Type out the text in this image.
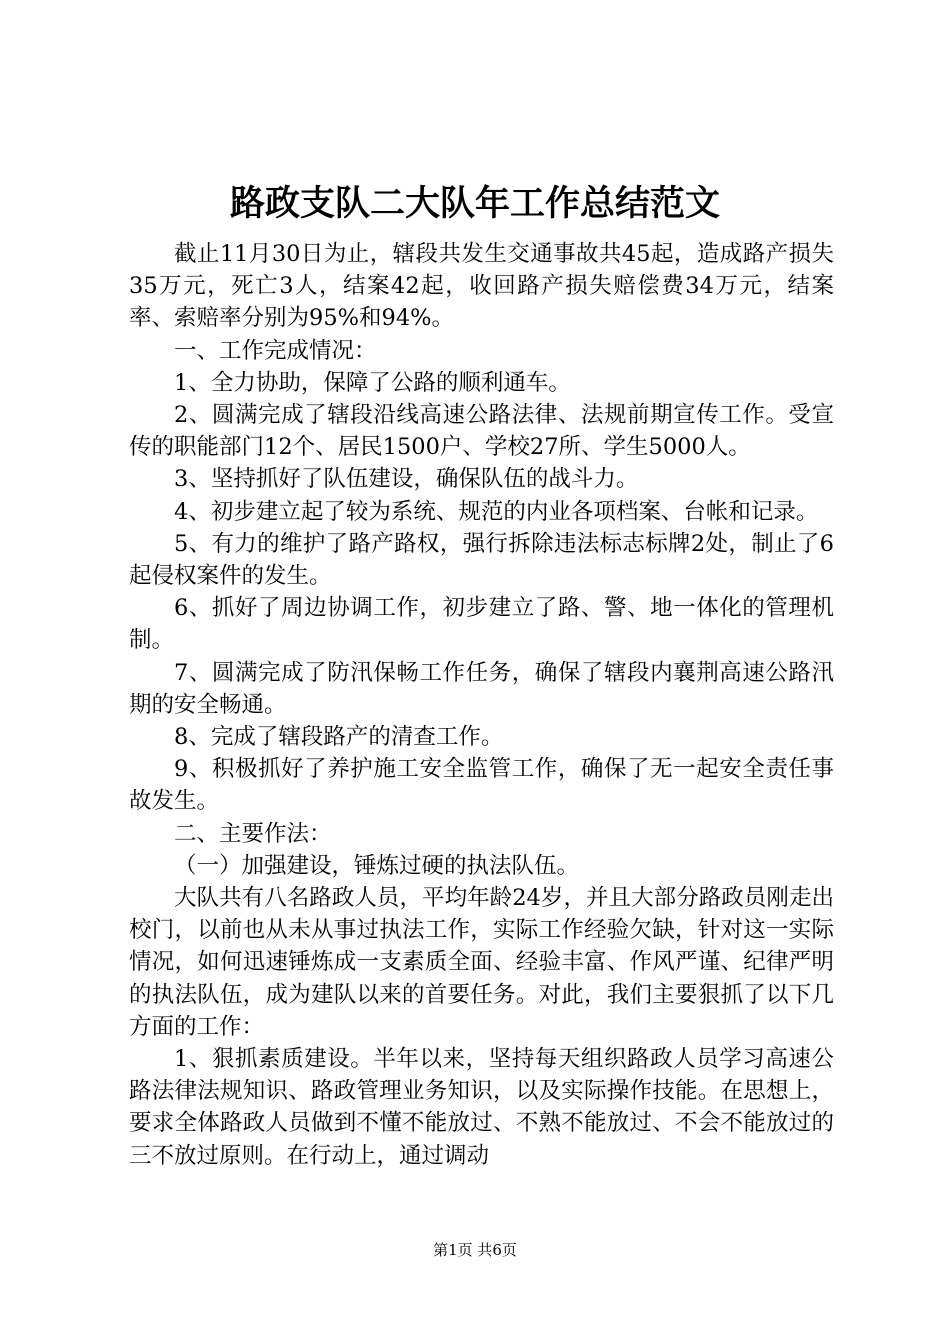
路政支队二大队年工作总结范文

截止11月30日为止，辖段共发生交通事故共45起，造成路产损失35万元，死亡3人，结案42起，收回路产损失赔偿费34万元，结案率、索赔率分别为95%和94%。

一、工作完成情况：

1、全力协助，保障了公路的顺利通车。

2、圆满完成了辖段沿线高速公路法律、法规前期宣传工作。受宣传的职能部门12个、居民1500户、学校27所、学生5000人。

3、坚持抓好了队伍建设，确保队伍的战斗力。

4、初步建立起了较为系统、规范的内业各项档案、台帐和记录。

5、有力的维护了路产路权，强行拆除违法标志标牌2处，制止了6起侵权案件的发生。

6、抓好了周边协调工作，初步建立了路、警、地一体化的管理机制。

7、圆满完成了防汛保畅工作任务，确保了辖段内襄荆高速公路汛期的安全畅通。

8、完成了辖段路产的清查工作。

9、积极抓好了养护施工安全监管工作，确保了无一起安全责任事故发生。

二、主要作法：

（一）加强建设，锤炼过硬的执法队伍。

大队共有八名路政人员，平均年龄24岁，并且大部分路政员刚走出校门，以前也从未从事过执法工作，实际工作经验欠缺，针对这一实际情况，如何迅速锤炼成一支素质全面、经验丰富、作风严谨、纪律严明的执法队伍，成为建队以来的首要任务。对此，我们主要狠抓了以下几方面的工作：

1、狠抓素质建设。半年以来，坚持每天组织路政人员学习高速公路法律法规知识、路政管理业务知识，以及实际操作技能。在思想上，要求全体路政人员做到不懂不能放过、不熟不能放过、不会不能放过的三不放过原则。在行动上，通过调动

第1页 共6页
